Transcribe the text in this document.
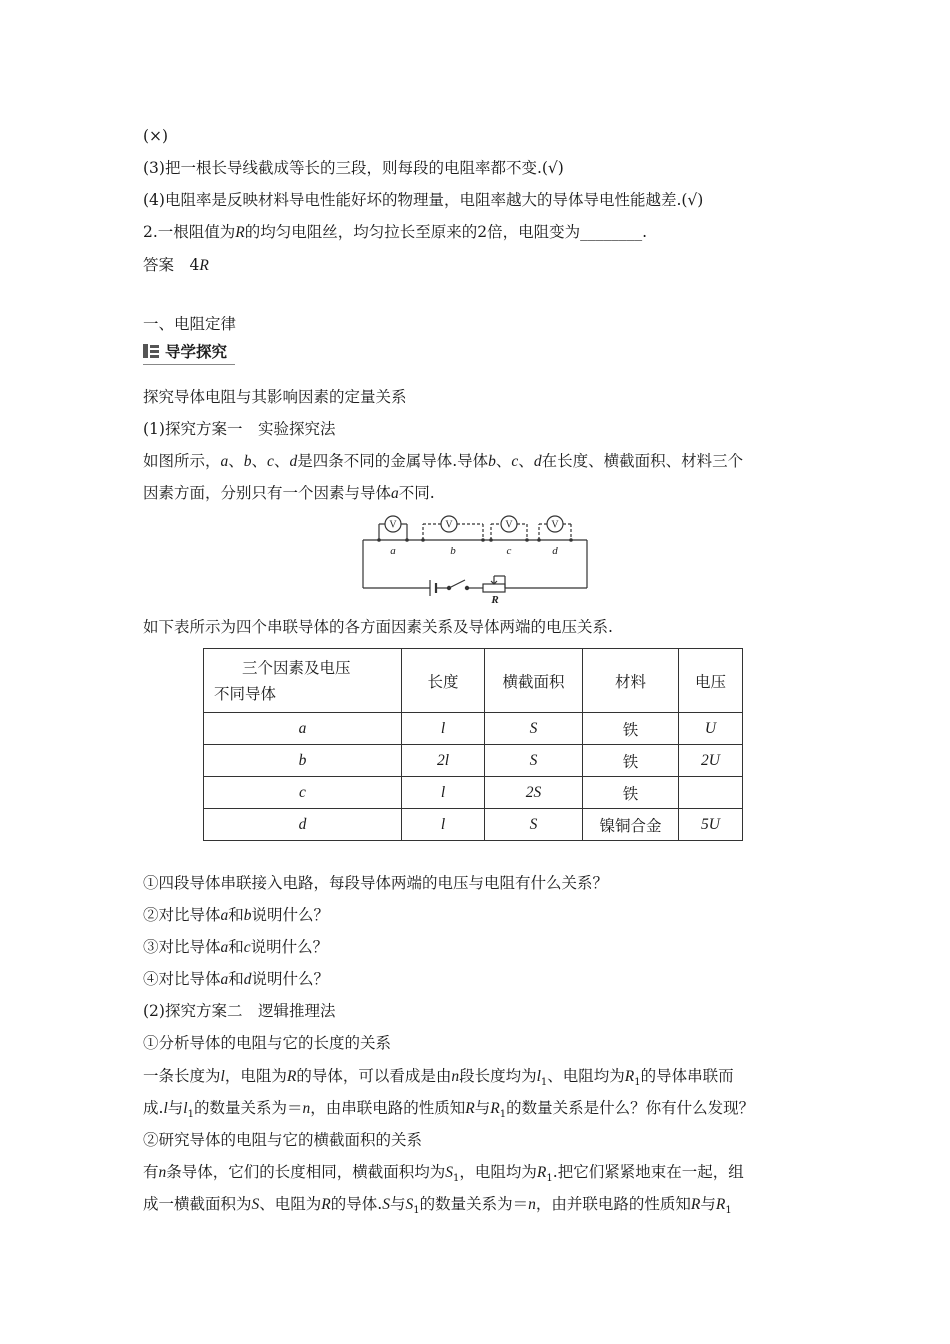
(×)
(3)把一根长导线截成等长的三段，则每段的电阻率都不变.(√)
(4)电阻率是反映材料导电性能好坏的物理量，电阻率越大的导体导电性能越差.(√)
2.一根阻值为R的均匀电阻丝，均匀拉长至原来的2倍，电阻变为________.
答案　4R
一、电阻定律
导学探究
探究导体电阻与其影响因素的定量关系
(1)探究方案一　实验探究法
如图所示，a、b、c、d是四条不同的金属导体.导体b、c、d在长度、横截面积、材料三个
因素方面，分别只有一个因素与导体a不同.
V	V	V	V
a	b	c	d
R
如下表所示为四个串联导体的各方面因素关系及导体两端的电压关系.
三个因素及电压
不同导体	长度	横截面积	材料	电压
a	l	S	铁	U
b	2l	S	铁	2U
c	l	2S	铁	
d	l	S	镍铜合金	5U
①四段导体串联接入电路，每段导体两端的电压与电阻有什么关系？
②对比导体a和b说明什么？
③对比导体a和c说明什么？
④对比导体a和d说明什么？
(2)探究方案二　逻辑推理法
①分析导体的电阻与它的长度的关系
一条长度为l，电阻为R的导体，可以看成是由n段长度均为$l_1$、电阻均为$R_1$的导体串联而
成.l与$l_1$的数量关系为＝n，由串联电路的性质知R与$R_1$的数量关系是什么？你有什么发现？
②研究导体的电阻与它的横截面积的关系
有n条导体，它们的长度相同，横截面积均为$S_1$，电阻均为$R_1$.把它们紧紧地束在一起，组
成一横截面积为S、电阻为R的导体.S与$S_1$的数量关系为＝n，由并联电路的性质知R与$R_1$
